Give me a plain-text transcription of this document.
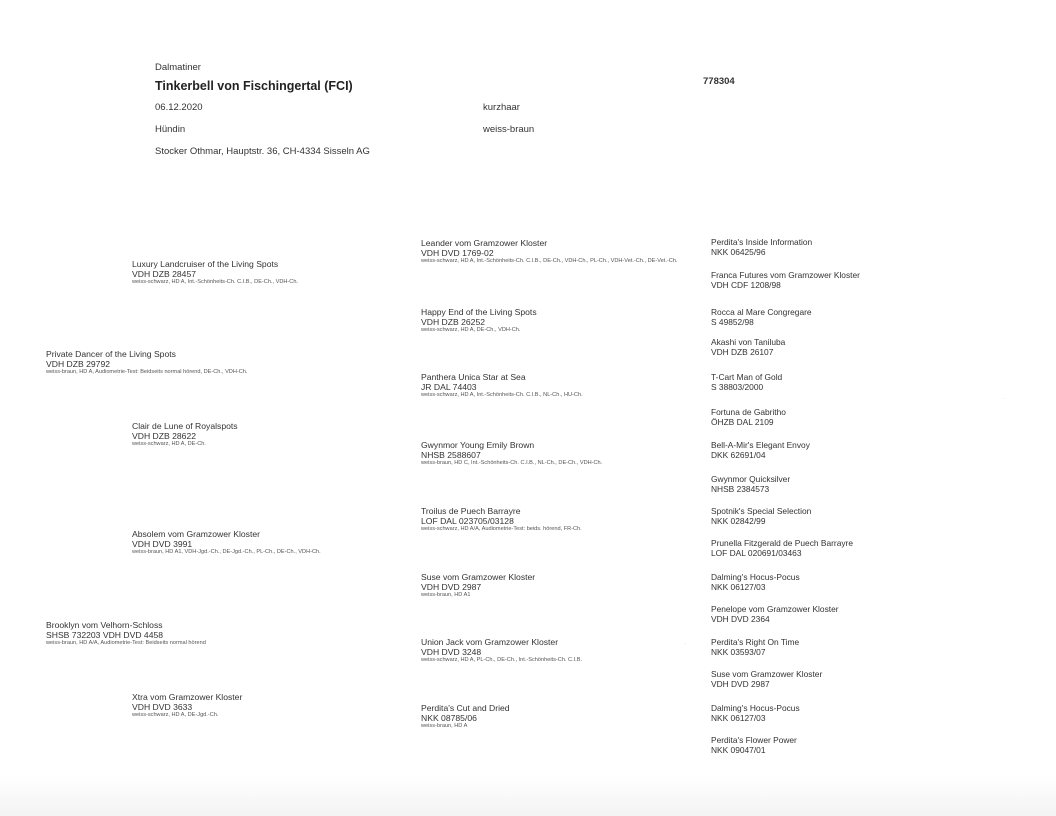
Dalmatiner
Tinkerbell von Fischingertal (FCI)	778304
06.12.2020	kurzhaar
Hündin	weiss-braun
Stocker Othmar, Hauptstr. 36, CH-4334 Sisseln AG
Private Dancer of the Living Spots
VDH DZB 29792
weiss-braun, HD A, Audiometrie-Test: Beidseits normal hörend, DE-Ch., VDH-Ch.
Brooklyn vom Velhorn-Schloss
SHSB 732203 VDH DVD 4458
weiss-braun, HD A/A, Audiometrie-Test: Beidseits normal hörend
Luxury Landcruiser of the Living Spots
VDH DZB 28457
weiss-schwarz, HD A, Int.-Schönheits-Ch. C.I.B., DE-Ch., VDH-Ch.
Clair de Lune of Royalspots
VDH DZB 28622
weiss-schwarz, HD A, DE-Ch.
Absolem vom Gramzower Kloster
VDH DVD 3991
weiss-braun, HD A1, VDH-Jgd.-Ch., DE-Jgd.-Ch., PL-Ch., DE-Ch., VDH-Ch.
Xtra vom Gramzower Kloster
VDH DVD 3633
weiss-schwarz, HD A, DE-Jgd.-Ch.
Leander vom Gramzower Kloster
VDH DVD 1769-02
weiss-schwarz, HD A, Int.-Schönheits-Ch. C.I.B., DE-Ch., VDH-Ch., PL-Ch., VDH-Vet.-Ch., DE-Vet.-Ch.
Happy End of the Living Spots
VDH DZB 26252
weiss-schwarz, HD A, DE-Ch., VDH-Ch.
Panthera Unica Star at Sea
JR DAL 74403
weiss-schwarz, HD A, Int.-Schönheits-Ch. C.I.B., NL-Ch., HU-Ch.
Gwynmor Young Emily Brown
NHSB 2588607
weiss-braun, HD C, Int.-Schönheits-Ch. C.I.B., NL-Ch., DE-Ch., VDH-Ch.
Troilus de Puech Barrayre
LOF DAL 023705/03128
weiss-schwarz, HD A/A, Audiometrie-Test: beids. hörend, FR-Ch.
Suse vom Gramzower Kloster
VDH DVD 2987
weiss-braun, HD A1
Union Jack vom Gramzower Kloster
VDH DVD 3248
weiss-schwarz, HD A, PL-Ch., DE-Ch., Int.-Schönheits-Ch. C.I.B.
Perdita's Cut and Dried
NKK 08785/06
weiss-braun, HD A
Perdita's Inside Information
NKK 06425/96
Franca Futures vom Gramzower Kloster
VDH CDF 1208/98
Rocca al Mare Congregare
S 49852/98
Akashi von Taniluba
VDH DZB 26107
T-Cart Man of Gold
S 38803/2000
Fortuna de Gabritho
ÖHZB DAL 2109
Bell-A-Mir's Elegant Envoy
DKK 62691/04
Gwynmor Quicksilver
NHSB 2384573
Spotnik's Special Selection
NKK 02842/99
Prunella Fitzgerald de Puech Barrayre
LOF DAL 020691/03463
Dalming's Hocus-Pocus
NKK 06127/03
Penelope vom Gramzower Kloster
VDH DVD 2364
Perdita's Right On Time
NKK 03593/07
Suse vom Gramzower Kloster
VDH DVD 2987
Dalming's Hocus-Pocus
NKK 06127/03
Perdita's Flower Power
NKK 09047/01
·
·
